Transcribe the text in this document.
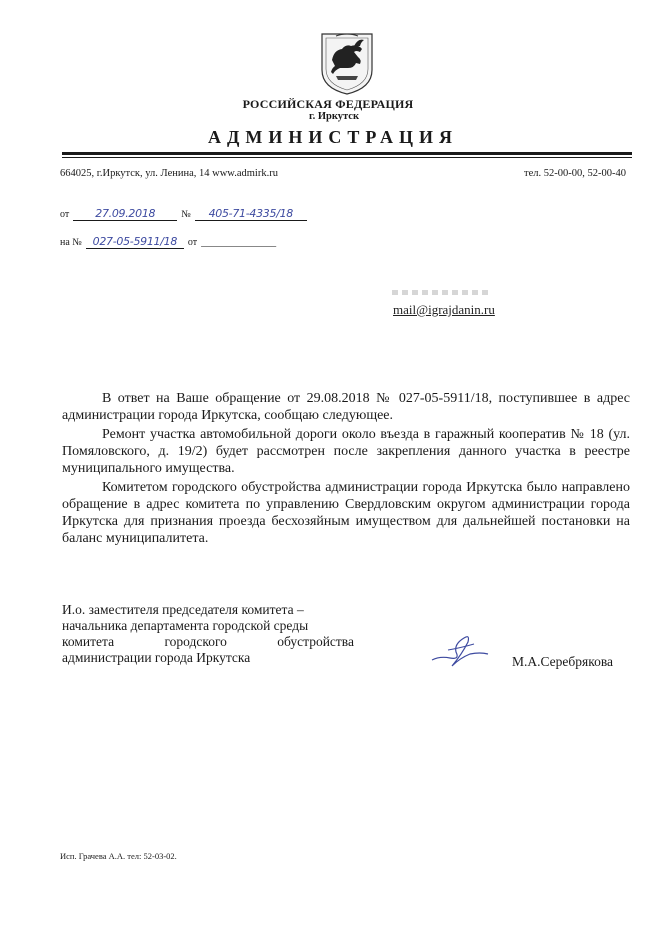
РОССИЙСКАЯ ФЕДЕРАЦИЯ
г. Иркутск
АДМИНИСТРАЦИЯ
664025, г.Иркутск, ул. Ленина, 14 www.admirk.ru	тел. 52-00-00, 52-00-40
от 27.09.2018	№ 405-71-4335/18
на № 027-05-5911/18 от _______________
mail@igrajdanin.ru

В ответ на Ваше обращение от 29.08.2018 № 027-05-5911/18, поступившее в адрес администрации города Иркутска, сообщаю следующее.

Ремонт участка автомобильной дороги около въезда в гаражный кооператив № 18 (ул. Помяловского, д. 19/2) будет рассмотрен после закрепления данного участка в реестре муниципального имущества.

Комитетом городского обустройства администрации города Иркутска было направлено обращение в адрес комитета по управлению Свердловским округом администрации города Иркутска для признания проезда бесхозяйным имуществом для дальнейшей постановки на баланс муниципалитета.

И.о. заместителя председателя комитета –
начальника департамента городской среды
комитета	городского	обустройства
администрации города Иркутска	М.А.Серебрякова
Исп. Грачева А.А. тел: 52-03-02.
